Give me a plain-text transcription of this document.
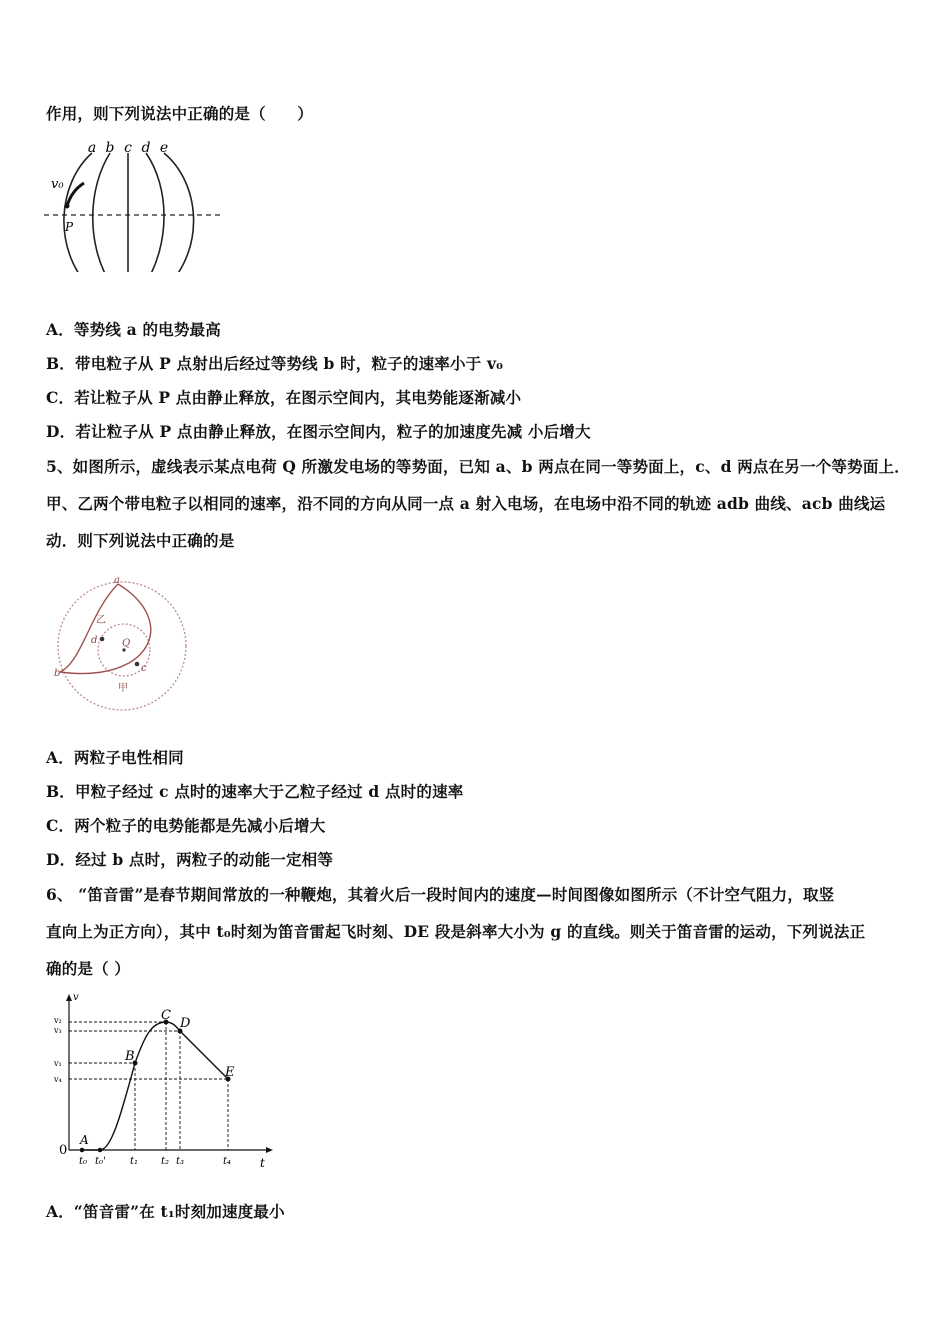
作用，则下列说法中正确的是（　　）
a b c d e
v₀
P
A．等势线 a 的电势最高
B．带电粒子从 P 点射出后经过等势线 b 时，粒子的速率小于 v₀
C．若让粒子从 P 点由静止释放，在图示空间内，其电势能逐渐减小
D．若让粒子从 P 点由静止释放，在图示空间内，粒子的加速度先减 小后增大
5、如图所示，虚线表示某点电荷 Q 所激发电场的等势面，已知 a、b 两点在同一等势面上，c、d 两点在另一个等势面上．
甲、乙两个带电粒子以相同的速率，沿不同的方向从同一点 a 射入电场，在电场中沿不同的轨迹 adb 曲线、acb 曲线运
动．则下列说法中正确的是
a
b	c
d Q
乙
甲
A．两粒子电性相同
B．甲粒子经过 c 点时的速率大于乙粒子经过 d 点时的速率
C．两个粒子的电势能都是先减小后增大
D．经过 b 点时，两粒子的动能一定相等
6、 “笛音雷”是春节期间常放的一种鞭炮，其着火后一段时间内的速度—时间图像如图所示（不计空气阻力，取竖
直向上为正方向），其中 t₀时刻为笛音雷起飞时刻、DE 段是斜率大小为 g 的直线。则关于笛音雷的运动，下列说法正
确的是（ ）
v
t
0
A
B
C
D
E
v₂
v₃
v₁
v₄
t₀ t₀' t₁ t₂ t₃	t₄
A．“笛音雷”在 t₁时刻加速度最小
